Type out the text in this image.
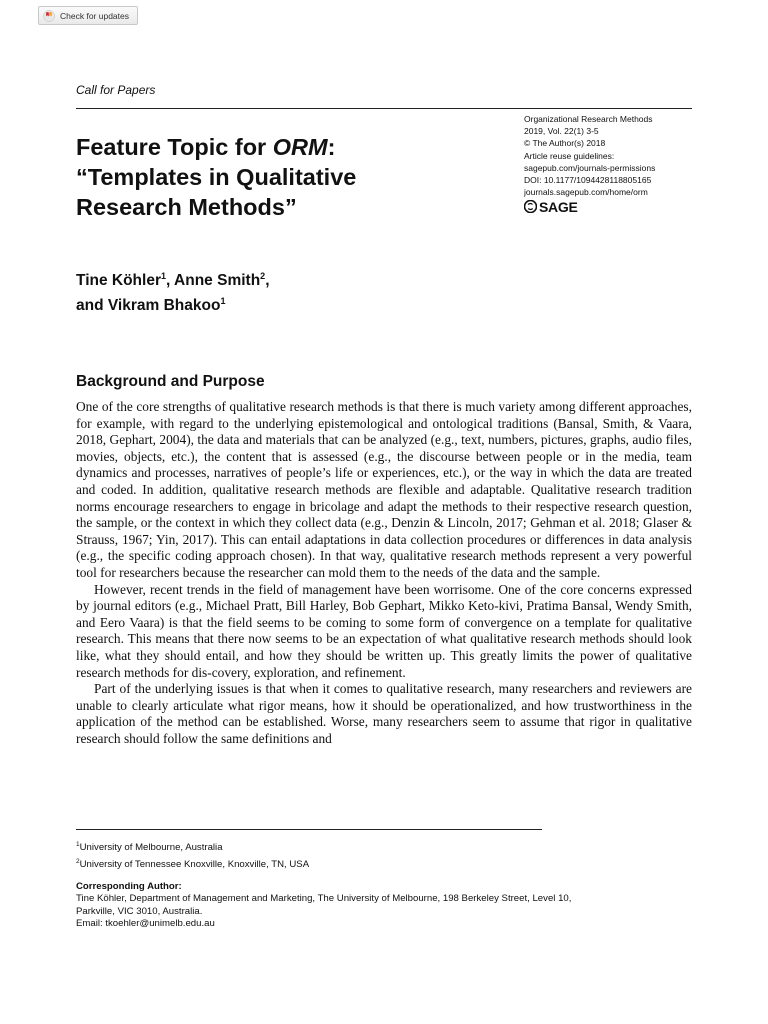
Check for updates
Call for Papers
Feature Topic for ORM:
“Templates in Qualitative
Research Methods”
Organizational Research Methods
2019, Vol. 22(1) 3-5
© The Author(s) 2018
Article reuse guidelines:
sagepub.com/journals-permissions
DOI: 10.1177/1094428118805165
journals.sagepub.com/home/orm
SAGE
Tine Köhler$^1$, Anne Smith$^2$,
and Vikram Bhakoo$^1$
Background and Purpose

One of the core strengths of qualitative research methods is that there is much variety among different approaches, for example, with regard to the underlying epistemological and ontological traditions (Bansal, Smith, & Vaara, 2018, Gephart, 2004), the data and materials that can be analyzed (e.g., text, numbers, pictures, graphs, audio files, movies, objects, etc.), the content that is assessed (e.g., the discourse between people or in the media, team dynamics and processes, narratives of people’s life or experiences, etc.), or the way in which the data are treated and coded. In addition, qualitative research methods are flexible and adaptable. Qualitative research tradition norms encourage researchers to engage in bricolage and adapt the methods to their respective research question, the sample, or the context in which they collect data (e.g., Denzin & Lincoln, 2017; Gehman et al. 2018; Glaser & Strauss, 1967; Yin, 2017). This can entail adaptations in data collection procedures or differences in data analysis (e.g., the specific coding approach chosen). In that way, qualitative research methods represent a very powerful tool for researchers because the researcher can mold them to the needs of the data and the sample.

However, recent trends in the field of management have been worrisome. One of the core concerns expressed by journal editors (e.g., Michael Pratt, Bill Harley, Bob Gephart, Mikko Keto-kivi, Pratima Bansal, Wendy Smith, and Eero Vaara) is that the field seems to be coming to some form of convergence on a template for qualitative research. This means that there now seems to be an expectation of what qualitative research methods should look like, what they should entail, and how they should be written up. This greatly limits the power of qualitative research methods for dis-covery, exploration, and refinement.

Part of the underlying issues is that when it comes to qualitative research, many researchers and reviewers are unable to clearly articulate what rigor means, how it should be operationalized, and how trustworthiness in the application of the method can be established. Worse, many researchers seem to assume that rigor in qualitative research should follow the same definitions and

$^1$University of Melbourne, Australia
$^2$University of Tennessee Knoxville, Knoxville, TN, USA
Corresponding Author:
Tine Köhler, Department of Management and Marketing, The University of Melbourne, 198 Berkeley Street, Level 10,
Parkville, VIC 3010, Australia.
Email: tkoehler@unimelb.edu.au
